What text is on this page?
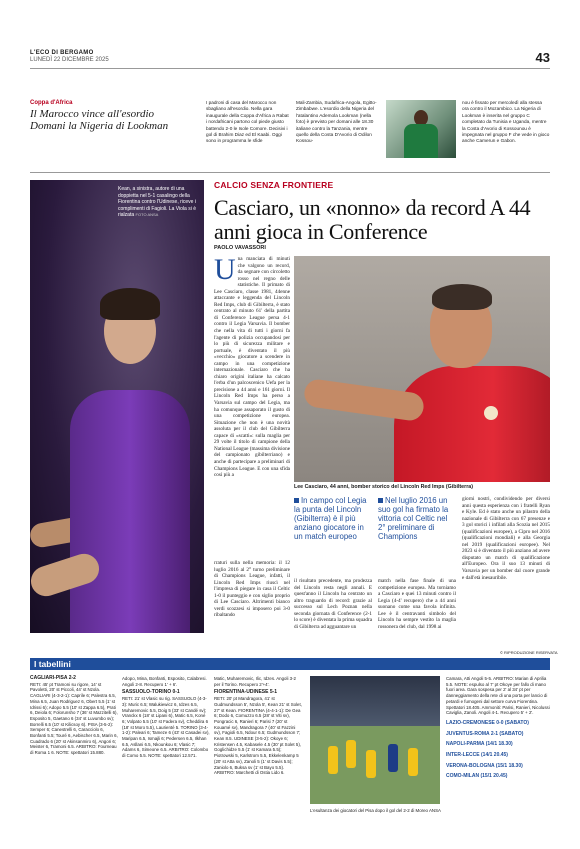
L'ECO DI BERGAMO
LUNEDÌ 22 DICEMBRE 2025	43
Coppa d'Africa
Il Marocco vince all'esordio Domani la Nigeria di Lookman
I padroni di casa del Marocco non sbagliano all'esordio. Nella gara inaugurale della Coppa d'Africa a Rabat i nordafricani partono col piede giusto battendo 2-0 le Isole Comore. Decisivi i gol di Brahim Diaz ed El Kaabi. Oggi sono in programma le sfide
Mali-Zambia, Sudafrica-Angola, Egitto-Zimbabwe. L'esordio della Nigeria del l'atalantino Ademola Lookman (nella foto) è previsto per domani alle 18.30 italiane contro la Tanzania, mentre quello della Costa D'Avorio di Odilon Kossou-
nou è fissato per mercoledì alla stessa ora contro il Mozambico. La Nigeria di Lookman è inserita nel gruppo C completato da Tunisia e Uganda, mentre la Costa d'Avorio di Kossounou è impegnata nel gruppo F che vede in gioco anche Camerun e Gabon.
Kean, a sinistra, autore di una doppietta nel 5-1 casalingo della Fiorentina contro l'Udinese, riceve i complimenti di Fagioli. La Viola si è rialzata FOTO ANSA
CALCIO SENZA FRONTIERE
Casciaro, un «nonno» da record A 44 anni gioca in Conference
PAOLO VAVASSORI
U na manciata di minuti che valgono un record, da segnare con circoletto rosso nel regno delle statistiche. Il primato di Lee Casciaro, classe 1981, 44enne attaccante e leggenda del Lincoln Red Imps, club di Gibilterra, è stato centrato al minuto 61' della partita di Conference League persa 4-1 contro il Legia Varsavia. Il bomber che nella vita di tutti i giorni fa l'agente di polizia occupandosi per lo più di sicurezza militare e portuale, è diventato il più «vecchio» giocatore a scendere in campo in una competizione internazionale. Casciaro che ha chiaro origini italiane ha calcato l'erba d'un palcoscenico Uefa per la precisione a 44 anni e 161 giorni. Il Lincoln Red Imps ha perso a Varsavia sul campo del Legia, ma ha comunque assaporato il gusto di una competizione europea. Situazione che non è una novità assoluta per il club del Gibilterra capace di «scatti»: sulla maglia per 29 volte il titolo di campione della National League (massima divisione del campionato gibilterriano) e anche di partecipare a preliminari di Champions League. E con una sfida così più a
Lee Casciaro, 44 anni, bomber storico del Lincoln Red Imps (Gibilterra)
rraturi sulla nella memoria: il 12 luglio 2016 al 2° turno preliminare di Champions League, infatti, il Lincoln Red Imps riuscì nel l'impresa di piegare in casa il Celtic 1-0 il punteggio e con siglio proprio di Lee Casciaro. Altrimenti bianco verdi scozzesi si imposero poi 3-0 ribaltando
In campo col Legia la punta del Lincoln (Gibilterra) è il più anziano giocatore in un match europeo
Nel luglio 2016 un suo gol ha firmato la vittoria col Celtic nel 2° preliminare di Champions
il risultato precedente, ma prodezza del Lincoln resta negli annali. E quest'anno il Lincoln ha centrato un altro traguardo di record: grazie al successo sul Lech Poznan nella seconda giornata di Conference (2-1 lo score) è diventata la prima squadra di Gibilterra ad agguantare un
match nella fase finale di una competizione europea. Ma torniamo a Casciaro e quei 13 minuti contro il Legia (4-4' recupero) che a 44 anni suonano come una favola infinita. Lee è il centravanti simbolo del Lincoln ha sempre vestito la maglia rossonera del club, dal 1998 ai
giorni nostri, condividendo per diversi anni questa esperienza con i fratelli Ryan e Kyle. Ed è stato anche un pilastro della nazionale di Gibilterra con 67 presenze e 3 gol storici i infilati alla Scozia nel 2015 (qualificazioni europee), a Cipro nel 2016 (qualificazioni mondiali) e alla Georgia nel 2019 (qualificazioni europee). Nel 2023 si è diventato il più anziano ad avere disputato un match di qualificazione all'Europeo. Ora il suo 13 minuti di Varsavia per un bomber dal cuore grande e dall'età inesauribile.
© RIPRODUZIONE RISERVATA
I tabellini
CAGLIARI-PISA 2-2
RETI: 45' pt Tramoni su rigore, 14' st Pavoletti, 20' st Piccoli, 44' st Nzola. CAGLIARI (4-3-2-1): Caprile 6; Palestra 6.5, Mina 6.5, Juan Rodriguez 6, Obert 5.5 (1' st Idrissi 6); Adopo 5.5 (10' st Zappa 6.5), Prati 6, Deiola 6; Folorunsho 7 (36' st Mazzitelli 6), Esposito 5, Gaetano 6 (34' st Luvumbo sv); Borrelli 6.5 (10' st Kilicsoy 6). PISA (3-5-2): Semper 6; Canestrelli 6, Caracciolo 6, Bonfanti 5.5; Touré 6, Aebischer 6.5, Marin 6, Cuadrado 6 (20' st Akinsanmiro 6), Angori 6; Meister 6, Tramoni 6.5. ARBITRO: Fourneau di Roma 1 6. NOTE: spettatori 15.880.
Adopo, Mina, Bonfanti, Esposito, Calabresi. Angoli 2-8. Recupero 1' + 6'.
SASSUOLO-TORINO 0-1
RETI: 21' st Vlasic su rig. SASSUOLO (4-3-3): Muric 6.5; Walukiewicz 6, Idzes 6.5, Muharemovic 5.5, Doig 5 (33' st Candé sv); Vranckx 6 (18' st Lipani 6), Matic 6.5, Koné 6; Volpato 5.5 (10' st Fadera sv), Cheddira 6 (18' st Moro 5.5), Laurienté 5. TORINO (3-4-1-2): Paleari 6; Tameze 6 (43' st Casadei sv), Maripan 6.5, Ismajli 6; Pedersen 6.5, Ilkhan 6.5, Asllani 6.5, Nkounkou 6; Vlasic 7; Adams 6, Simeone 6.5. ARBITRO: Colombo di Como 5.5. NOTE: spettatori 12.571.
Matic, Muharemovic, Ilic, Idzes. Angoli 3-2 per il Torino. Recupero 2'+4'.
FIORENTINA-UDINESE 5-1
RETI: 20' pt Mandragora, 41' st Gudmundsson 5', Nzola 5', Kean 21' st Solet, 27' st Kean. FIORENTINA (4-4-1-1): De Gea 6; Dodo 6, Comuzzo 6.5 (28' st Viti sv), Pongracic 6, Ranieri 6; Parisi 7 (20' st Kouamé sv), Mandragora 7 (40' st Fazzini sv), Fagioli 6.5, Ndour 6.5; Gudmundsson 7; Kean 8.5. UDINESE (3-5-2): Okoye 6; Kristensen 4.5, Kabasele 4.5 (30' pt Solet 5), Goglichidze 5.5 (1' st Kamara 5.5); Piotrowski 5, Karlstrom 5.5, Ekkelenkamp 5 (20' st Atta sv), Zanoli 5 (1' st Davis 5.5); Zaniolo 6, Buksa sv (1' st Bayo 5.5). ARBITRO: Marchetti di Ostia Lido 6.
L'esultanza dei giocatori del Pisa dopo il gol del 2-2 di Moreo ANSA
Camara, Atti Angoli 5-5. ARBITRO: Marian di Aprilia 5.5. NOTE: espulso al 7' pt Okoye per fallo di mano fuori area. Gara sospesa per 2' al 34' pt per danneggiamento della rete di una porta per lancio di petardi e fumogeni dal settore curva Fiorentina. Spettatori 18.405. Ammoniti: Parisi, Ranieri, Nicolussi Caviglia, Zanoli. Angoli 4-1. Recupero 5' + 2'.
LAZIO-CREMONESE 0-0 (SABATO)
JUVENTUS-ROMA 2-1 (SABATO)
NAPOLI-PARMA (14/1 18.30)
INTER-LECCE (14/1 20.45)
VERONA-BOLOGNA (15/1 18.30)
COMO-MILAN (15/1 20.45)
